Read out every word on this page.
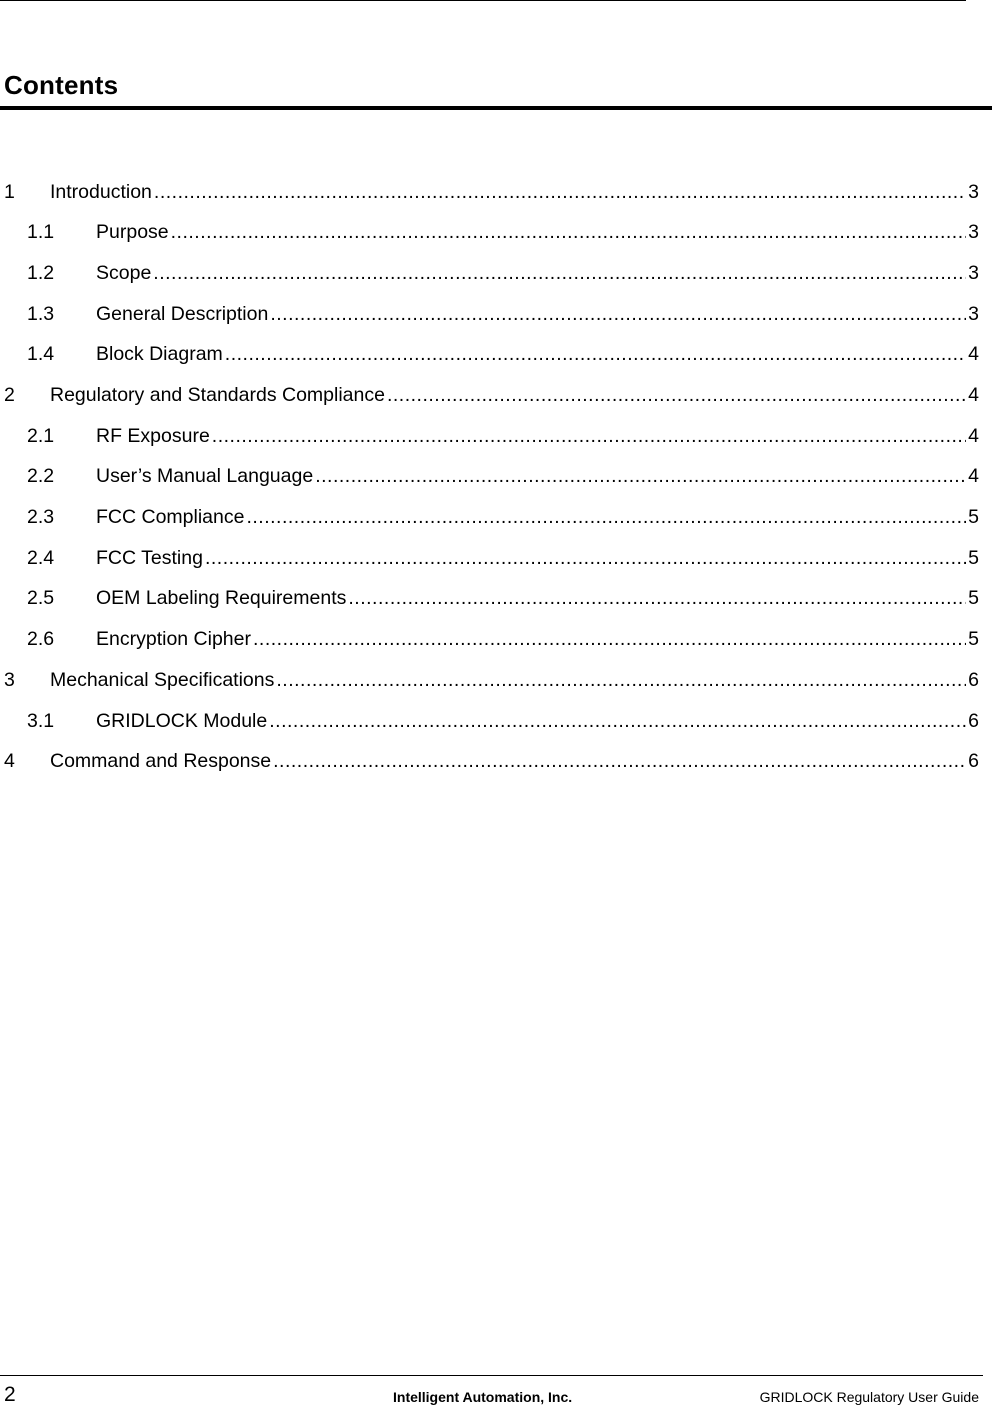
Contents
1	Introduction .....	3
1.1	Purpose .....	3
1.2	Scope .....	3
1.3	General Description .....	3
1.4	Block Diagram .....	4
2	Regulatory and Standards Compliance .....	4
2.1	RF Exposure .....	4
2.2	User’s Manual Language .....	4
2.3	FCC Compliance .....	5
2.4	FCC Testing .....	5
2.5	OEM Labeling Requirements .....	5
2.6	Encryption Cipher .....	5
3	Mechanical Specifications .....	6
3.1	GRIDLOCK Module .....	6
4	Command and Response .....	6
2	Intelligent Automation, Inc.	GRIDLOCK Regulatory User Guide
